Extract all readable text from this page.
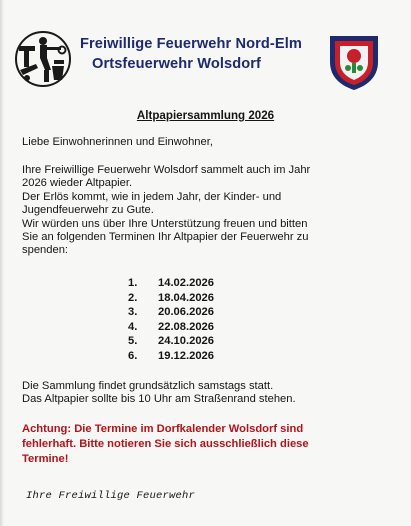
Freiwillige Feuerwehr Nord-Elm
Ortsfeuerwehr Wolsdorf
Altpapiersammlung 2026
Liebe Einwohnerinnen und Einwohner,
Ihre Freiwillige Feuerwehr Wolsdorf sammelt auch im Jahr
2026 wieder Altpapier.
Der Erlös kommt, wie in jedem Jahr, der Kinder- und
Jugendfeuerwehr zu Gute.
Wir würden uns über Ihre Unterstützung freuen und bitten
Sie an folgenden Terminen Ihr Altpapier der Feuerwehr zu
spenden:
1.	14.02.2026
2.	18.04.2026
3.	20.06.2026
4.	22.08.2026
5.	24.10.2026
6.	19.12.2026
Die Sammlung findet grundsätzlich samstags statt.
Das Altpapier sollte bis 10 Uhr am Straßenrand stehen.
Achtung: Die Termine im Dorfkalender Wolsdorf sind
fehlerhaft. Bitte notieren Sie sich ausschließlich diese
Termine!
Ihre Freiwillige Feuerwehr
